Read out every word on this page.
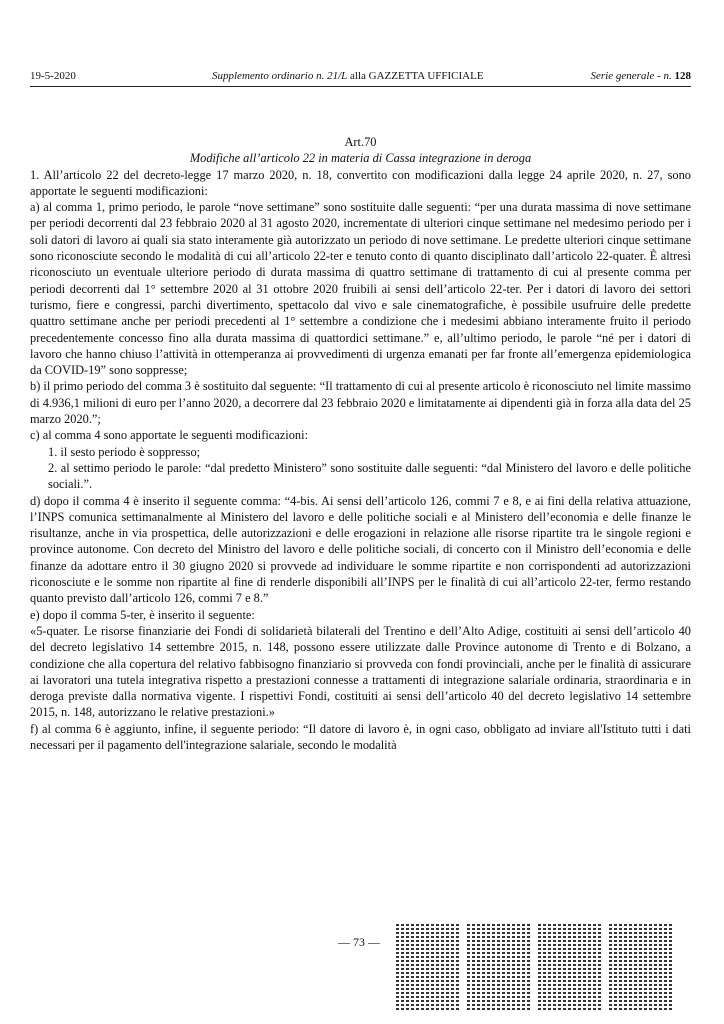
19-5-2020	Supplemento ordinario n. 21/L alla GAZZETTA UFFICIALE	Serie generale - n. 128

Art.70

Modifiche all’articolo 22 in materia di Cassa integrazione in deroga

1. All’articolo 22 del decreto-legge 17 marzo 2020, n. 18, convertito con modificazioni dalla legge 24 aprile 2020, n. 27, sono apportate le seguenti modificazioni:

a) al comma 1, primo periodo, le parole “nove settimane” sono sostituite dalle seguenti: “per una durata massima di nove settimane per periodi decorrenti dal 23 febbraio 2020 al 31 agosto 2020, incrementate di ulteriori cinque settimane nel medesimo periodo per i soli datori di lavoro ai quali sia stato interamente già autorizzato un periodo di nove settimane. Le predette ulteriori cinque settimane sono riconosciute secondo le modalità di cui all’articolo 22-ter e tenuto conto di quanto disciplinato dall’articolo 22-quater. È altresì riconosciuto un eventuale ulteriore periodo di durata massima di quattro settimane di trattamento di cui al presente comma per periodi decorrenti dal 1° settembre 2020 al 31 ottobre 2020 fruibili ai sensi dell’articolo 22-ter. Per i datori di lavoro dei settori turismo, fiere e congressi, parchi divertimento, spettacolo dal vivo e sale cinematografiche, è possibile usufruire delle predette quattro settimane anche per periodi precedenti al 1° settembre a condizione che i medesimi abbiano interamente fruito il periodo precedentemente concesso fino alla durata massima di quattordici settimane.” e, all’ultimo periodo, le parole “né per i datori di lavoro che hanno chiuso l’attività in ottemperanza ai provvedimenti di urgenza emanati per far fronte all’emergenza epidemiologica da COVID-19” sono soppresse;

b) il primo periodo del comma 3 è sostituito dal seguente: “Il trattamento di cui al presente articolo è riconosciuto nel limite massimo di 4.936,1 milioni di euro per l’anno 2020, a decorrere dal 23 febbraio 2020 e limitatamente ai dipendenti già in forza alla data del 25 marzo 2020.”;

c) al comma 4 sono apportate le seguenti modificazioni:

1. il sesto periodo è soppresso;

2. al settimo periodo le parole: “dal predetto Ministero” sono sostituite dalle seguenti: “dal Ministero del lavoro e delle politiche sociali.”.

d) dopo il comma 4 è inserito il seguente comma: “4-bis. Ai sensi dell’articolo 126, commi 7 e 8, e ai fini della relativa attuazione, l’INPS comunica settimanalmente al Ministero del lavoro e delle politiche sociali e al Ministero dell’economia e delle finanze le risultanze, anche in via prospettica, delle autorizzazioni e delle erogazioni in relazione alle risorse ripartite tra le singole regioni e province autonome. Con decreto del Ministro del lavoro e delle politiche sociali, di concerto con il Ministro dell’economia e delle finanze da adottare entro il 30 giugno 2020 si provvede ad individuare le somme ripartite e non corrispondenti ad autorizzazioni riconosciute e le somme non ripartite al fine di renderle disponibili all’INPS per le finalità di cui all’articolo 22-ter, fermo restando quanto previsto dall’articolo 126, commi 7 e 8.”

e) dopo il comma 5-ter, è inserito il seguente:

«5-quater. Le risorse finanziarie dei Fondi di solidarietà bilaterali del Trentino e dell’Alto Adige, costituiti ai sensi dell’articolo 40 del decreto legislativo 14 settembre 2015, n. 148, possono essere utilizzate dalle Province autonome di Trento e di Bolzano, a condizione che alla copertura del relativo fabbisogno finanziario si provveda con fondi provinciali, anche per le finalità di assicurare ai lavoratori una tutela integrativa rispetto a prestazioni connesse a trattamenti di integrazione salariale ordinaria, straordinaria e in deroga previste dalla normativa vigente. I rispettivi Fondi, costituiti ai sensi dell’articolo 40 del decreto legislativo 14 settembre 2015, n. 148, autorizzano le relative prestazioni.»

f) al comma 6 è aggiunto, infine, il seguente periodo: “Il datore di lavoro è, in ogni caso, obbligato ad inviare all'Istituto tutti i dati necessari per il pagamento dell'integrazione salariale, secondo le modalità

— 73 —
